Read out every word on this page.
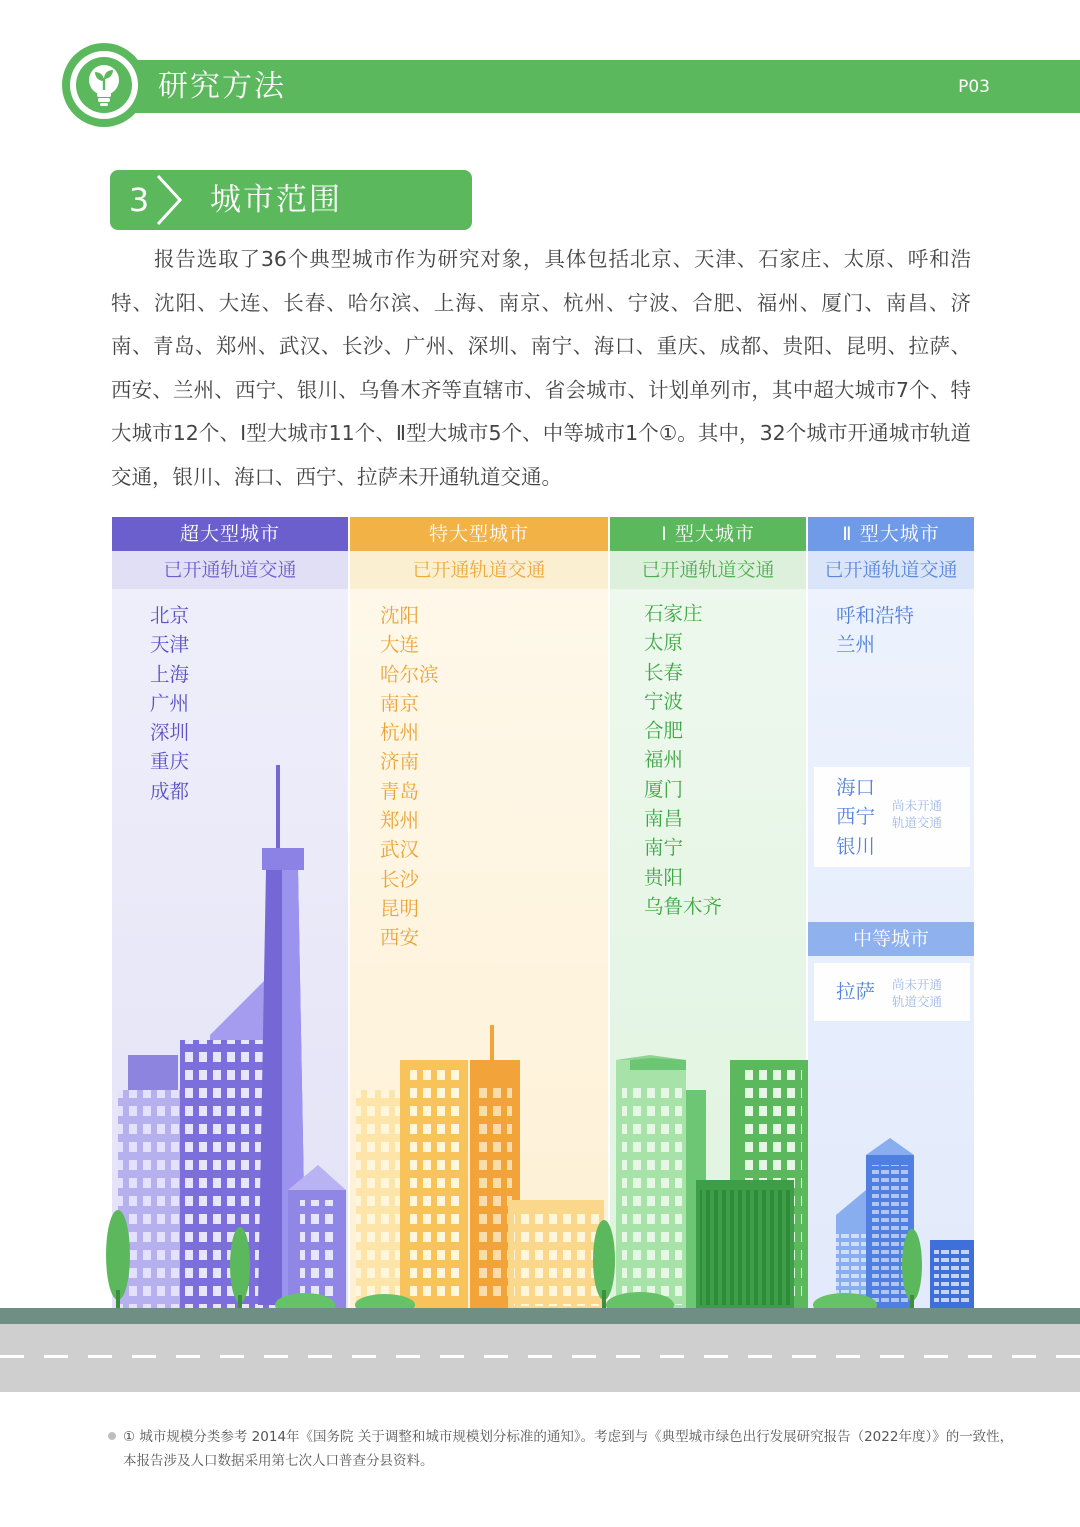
研究方法	P03
3 城市范围
报告选取了36个典型城市作为研究对象，具体包括北京、天津、石家庄、太原、呼和浩特、沈阳、大连、长春、哈尔滨、上海、南京、杭州、宁波、合肥、福州、厦门、南昌、济南、青岛、郑州、武汉、长沙、广州、深圳、南宁、海口、重庆、成都、贵阳、昆明、拉萨、西安、兰州、西宁、银川、乌鲁木齐等直辖市、省会城市、计划单列市，其中超大城市7个、特大城市12个、Ⅰ型大城市11个、Ⅱ型大城市5个、中等城市1个①。其中，32个城市开通城市轨道交通，银川、海口、西宁、拉萨未开通轨道交通。
超大型城市
已开通轨道交通
北京
天津
上海
广州
深圳
重庆
成都
特大型城市
已开通轨道交通
沈阳
大连
哈尔滨
南京
杭州
济南
青岛
郑州
武汉
长沙
昆明
西安
Ⅰ 型大城市
已开通轨道交通
石家庄
太原
长春
宁波
合肥
福州
厦门
南昌
南宁
贵阳
乌鲁木齐
Ⅱ 型大城市
已开通轨道交通
呼和浩特
兰州
海口
西宁
银川
尚未开通轨道交通
中等城市
拉萨 尚未开通轨道交通
① 城市规模分类参考 2014年《国务院 关于调整和城市规模划分标准的通知》。考虑到与《典型城市绿色出行发展研究报告（2022年度）》的一致性，本报告涉及人口数据采用第七次人口普查分县资料。
